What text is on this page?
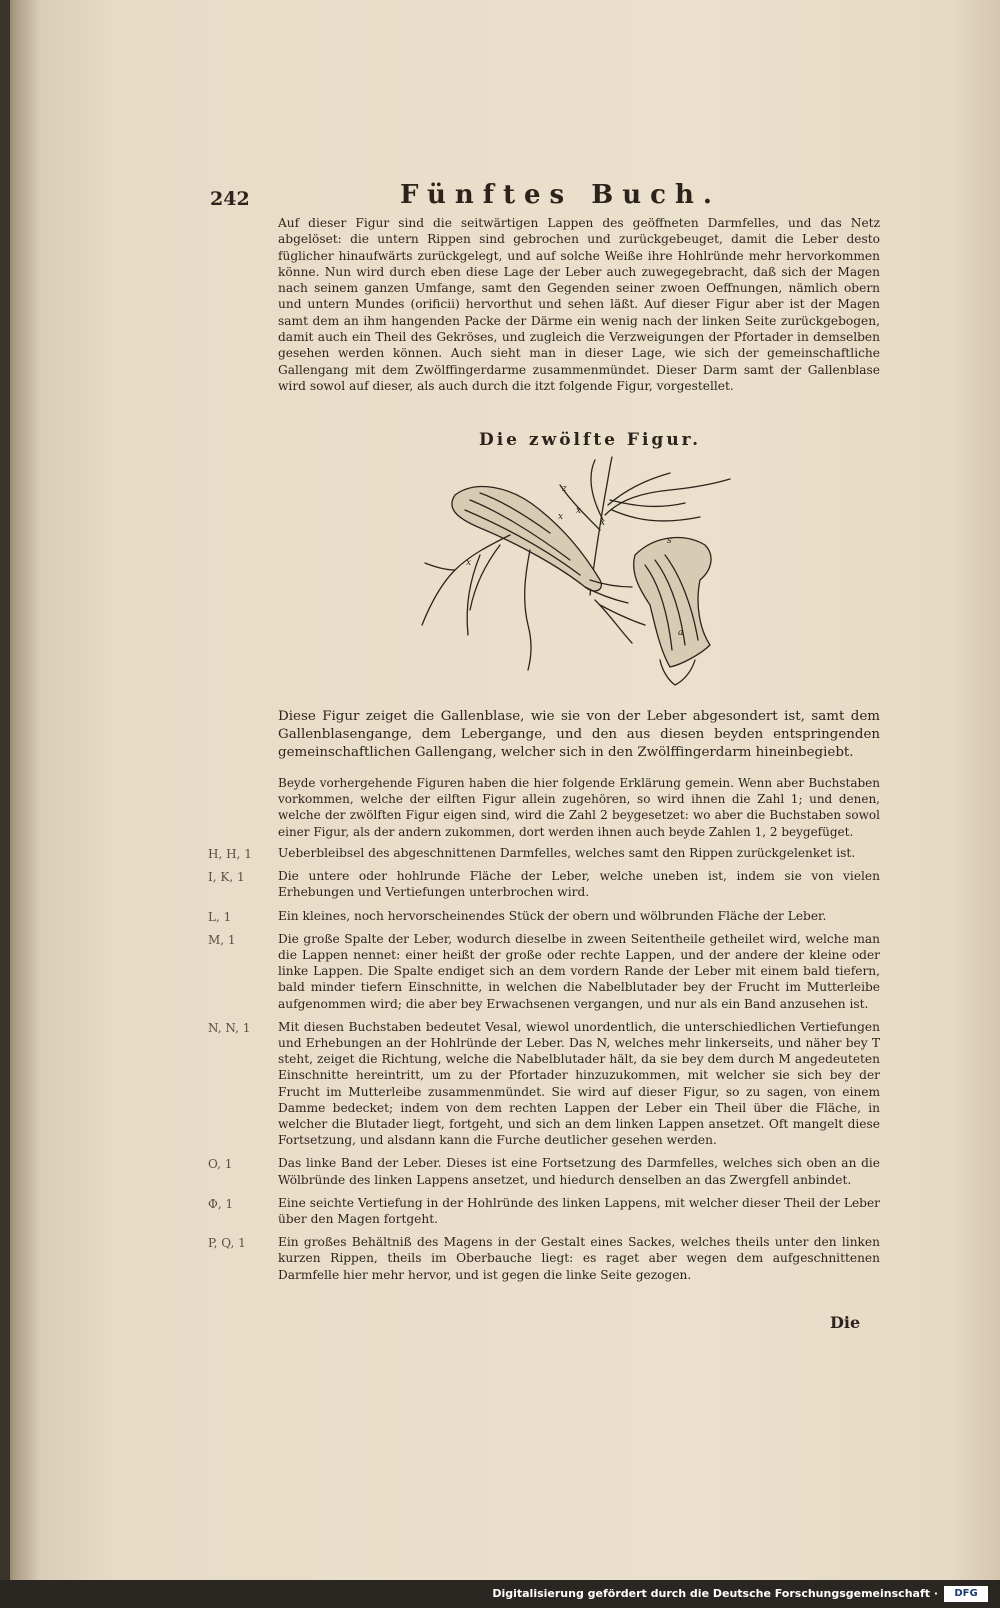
242	Fünftes Buch.
Auf dieser Figur sind die seitwärtigen Lappen des geöffneten Darmfelles, und das Netz abgelöset: die untern Rippen sind gebrochen und zurückgebeuget, damit die Leber desto füglicher hinaufwärts zurückgelegt, und auf solche Weiße ihre Hohlründe mehr hervorkommen könne. Nun wird durch eben diese Lage der Leber auch zuwegegebracht, daß sich der Magen nach seinem ganzen Umfange, samt den Gegenden seiner zwoen Oeffnungen, nämlich obern und untern Mundes (orificii) hervorthut und sehen läßt. Auf dieser Figur aber ist der Magen samt dem an ihm hangenden Packe der Därme ein wenig nach der linken Seite zurückgebogen, damit auch ein Theil des Gekröses, und zugleich die Verzweigungen der Pfortader in demselben gesehen werden können. Auch sieht man in dieser Lage, wie sich der gemeinschaftliche Gallengang mit dem Zwölffingerdarme zusammenmündet. Dieser Darm samt der Gallenblase wird sowol auf dieser, als auch durch die itzt folgende Figur, vorgestellet.
Die zwölfte Figur.
z
x
x
x
x
s
a
Diese Figur zeiget die Gallenblase, wie sie von der Leber abgesondert ist, samt dem Gallenblasengange, dem Lebergange, und den aus diesen beyden entspringenden gemeinschaftlichen Gallengang, welcher sich in den Zwölffingerdarm hineinbegiebt.
Beyde vorhergehende Figuren haben die hier folgende Erklärung gemein. Wenn aber Buchstaben vorkommen, welche der eilften Figur allein zugehören, so wird ihnen die Zahl 1; und denen, welche der zwölften Figur eigen sind, wird die Zahl 2 beygesetzet: wo aber die Buchstaben sowol einer Figur, als der andern zukommen, dort werden ihnen auch beyde Zahlen 1, 2 beygefüget.
H, H, 1	Ueberbleibsel des abgeschnittenen Darmfelles, welches samt den Rippen zurückgelenket ist.
I, K, 1	Die untere oder hohlrunde Fläche der Leber, welche uneben ist, indem sie von vielen Erhebungen und Vertiefungen unterbrochen wird.
L, 1	Ein kleines, noch hervorscheinendes Stück der obern und wölbrunden Fläche der Leber.
M, 1	Die große Spalte der Leber, wodurch dieselbe in zween Seitentheile getheilet wird, welche man die Lappen nennet: einer heißt der große oder rechte Lappen, und der andere der kleine oder linke Lappen. Die Spalte endiget sich an dem vordern Rande der Leber mit einem bald tiefern, bald minder tiefern Einschnitte, in welchen die Nabelblutader bey der Frucht im Mutterleibe aufgenommen wird; die aber bey Erwachsenen vergangen, und nur als ein Band anzusehen ist.
N, N, 1	Mit diesen Buchstaben bedeutet Vesal, wiewol unordentlich, die unterschiedlichen Vertiefungen und Erhebungen an der Hohlründe der Leber. Das N, welches mehr linkerseits, und näher bey T steht, zeiget die Richtung, welche die Nabelblutader hält, da sie bey dem durch M angedeuteten Einschnitte hereintritt, um zu der Pfortader hinzuzukommen, mit welcher sie sich bey der Frucht im Mutterleibe zusammenmündet. Sie wird auf dieser Figur, so zu sagen, von einem Damme bedecket; indem von dem rechten Lappen der Leber ein Theil über die Fläche, in welcher die Blutader liegt, fortgeht, und sich an dem linken Lappen ansetzet. Oft mangelt diese Fortsetzung, und alsdann kann die Furche deutlicher gesehen werden.
O, 1	Das linke Band der Leber. Dieses ist eine Fortsetzung des Darmfelles, welches sich oben an die Wölbründe des linken Lappens ansetzet, und hiedurch denselben an das Zwergfell anbindet.
Φ, 1	Eine seichte Vertiefung in der Hohlründe des linken Lappens, mit welcher dieser Theil der Leber über den Magen fortgeht.
P, Q, 1	Ein großes Behältniß des Magens in der Gestalt eines Sackes, welches theils unter den linken kurzen Rippen, theils im Oberbauche liegt: es raget aber wegen dem aufgeschnittenen Darmfelle hier mehr hervor, und ist gegen die linke Seite gezogen.
Die
Digitalisierung gefördert durch die Deutsche Forschungsgemeinschaft ·	DFG
